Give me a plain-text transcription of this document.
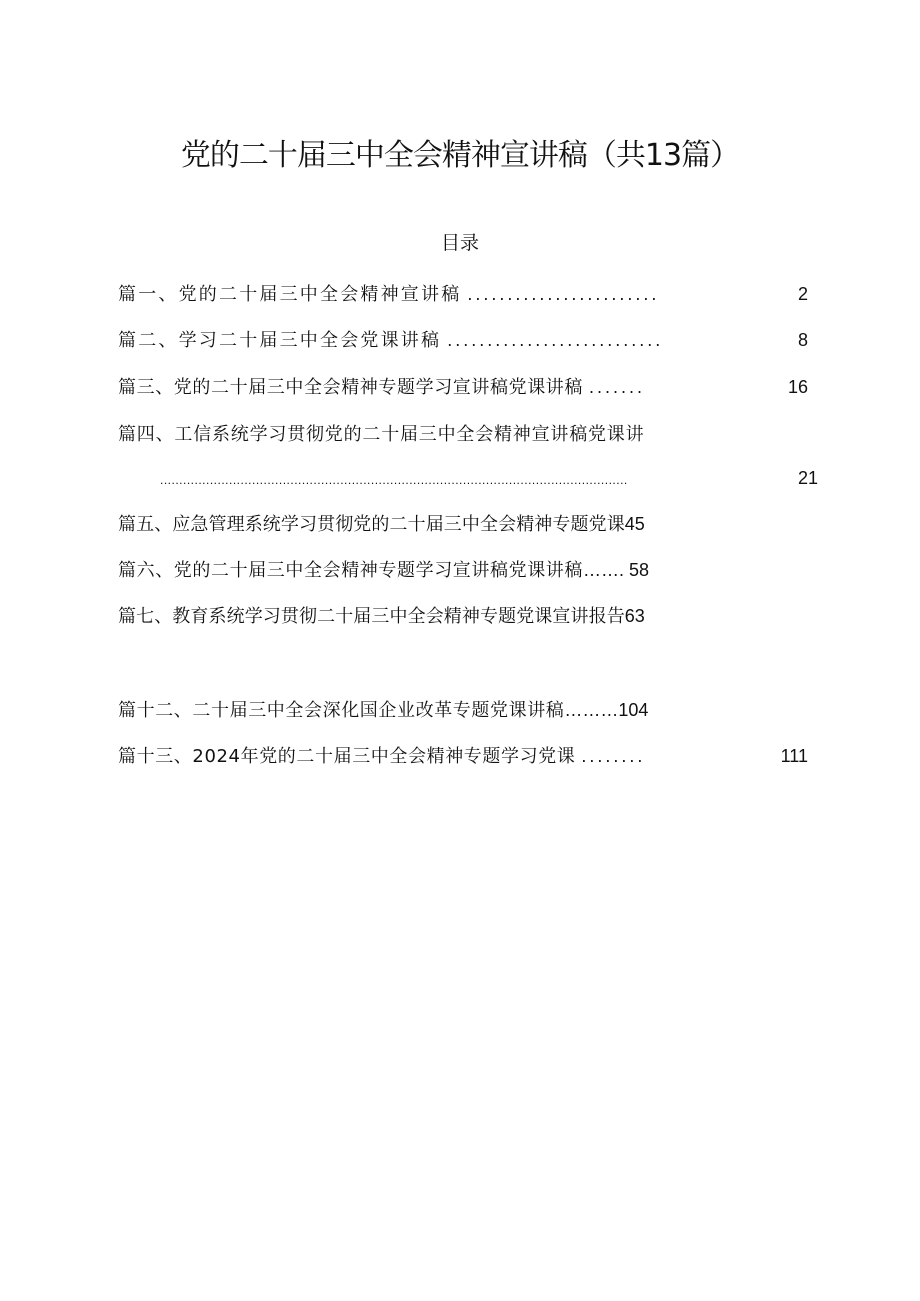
党的二十届三中全会精神宣讲稿（共13篇）
目录
篇一、党的二十届三中全会精神宣讲稿 ........................	2
篇二、学习二十届三中全会党课讲稿 ...........................	8
篇三、党的二十届三中全会精神专题学习宣讲稿党课讲稿 .......	16
篇四、工信系统学习贯彻党的二十届三中全会精神宣讲稿党课讲
..........................................................................................................................	21
篇五、应急管理系统学习贯彻党的二十届三中全会精神专题党课 45
篇六、党的二十届三中全会精神专题学习宣讲稿党课讲稿 …… . 58
篇七、教育系统学习贯彻二十届三中全会精神专题党课宣讲报告 63
篇十二、二十届三中全会深化国企业改革专题党课讲稿 ……… 104
篇十三、2024年党的二十届三中全会精神专题学习党课 ........	111
